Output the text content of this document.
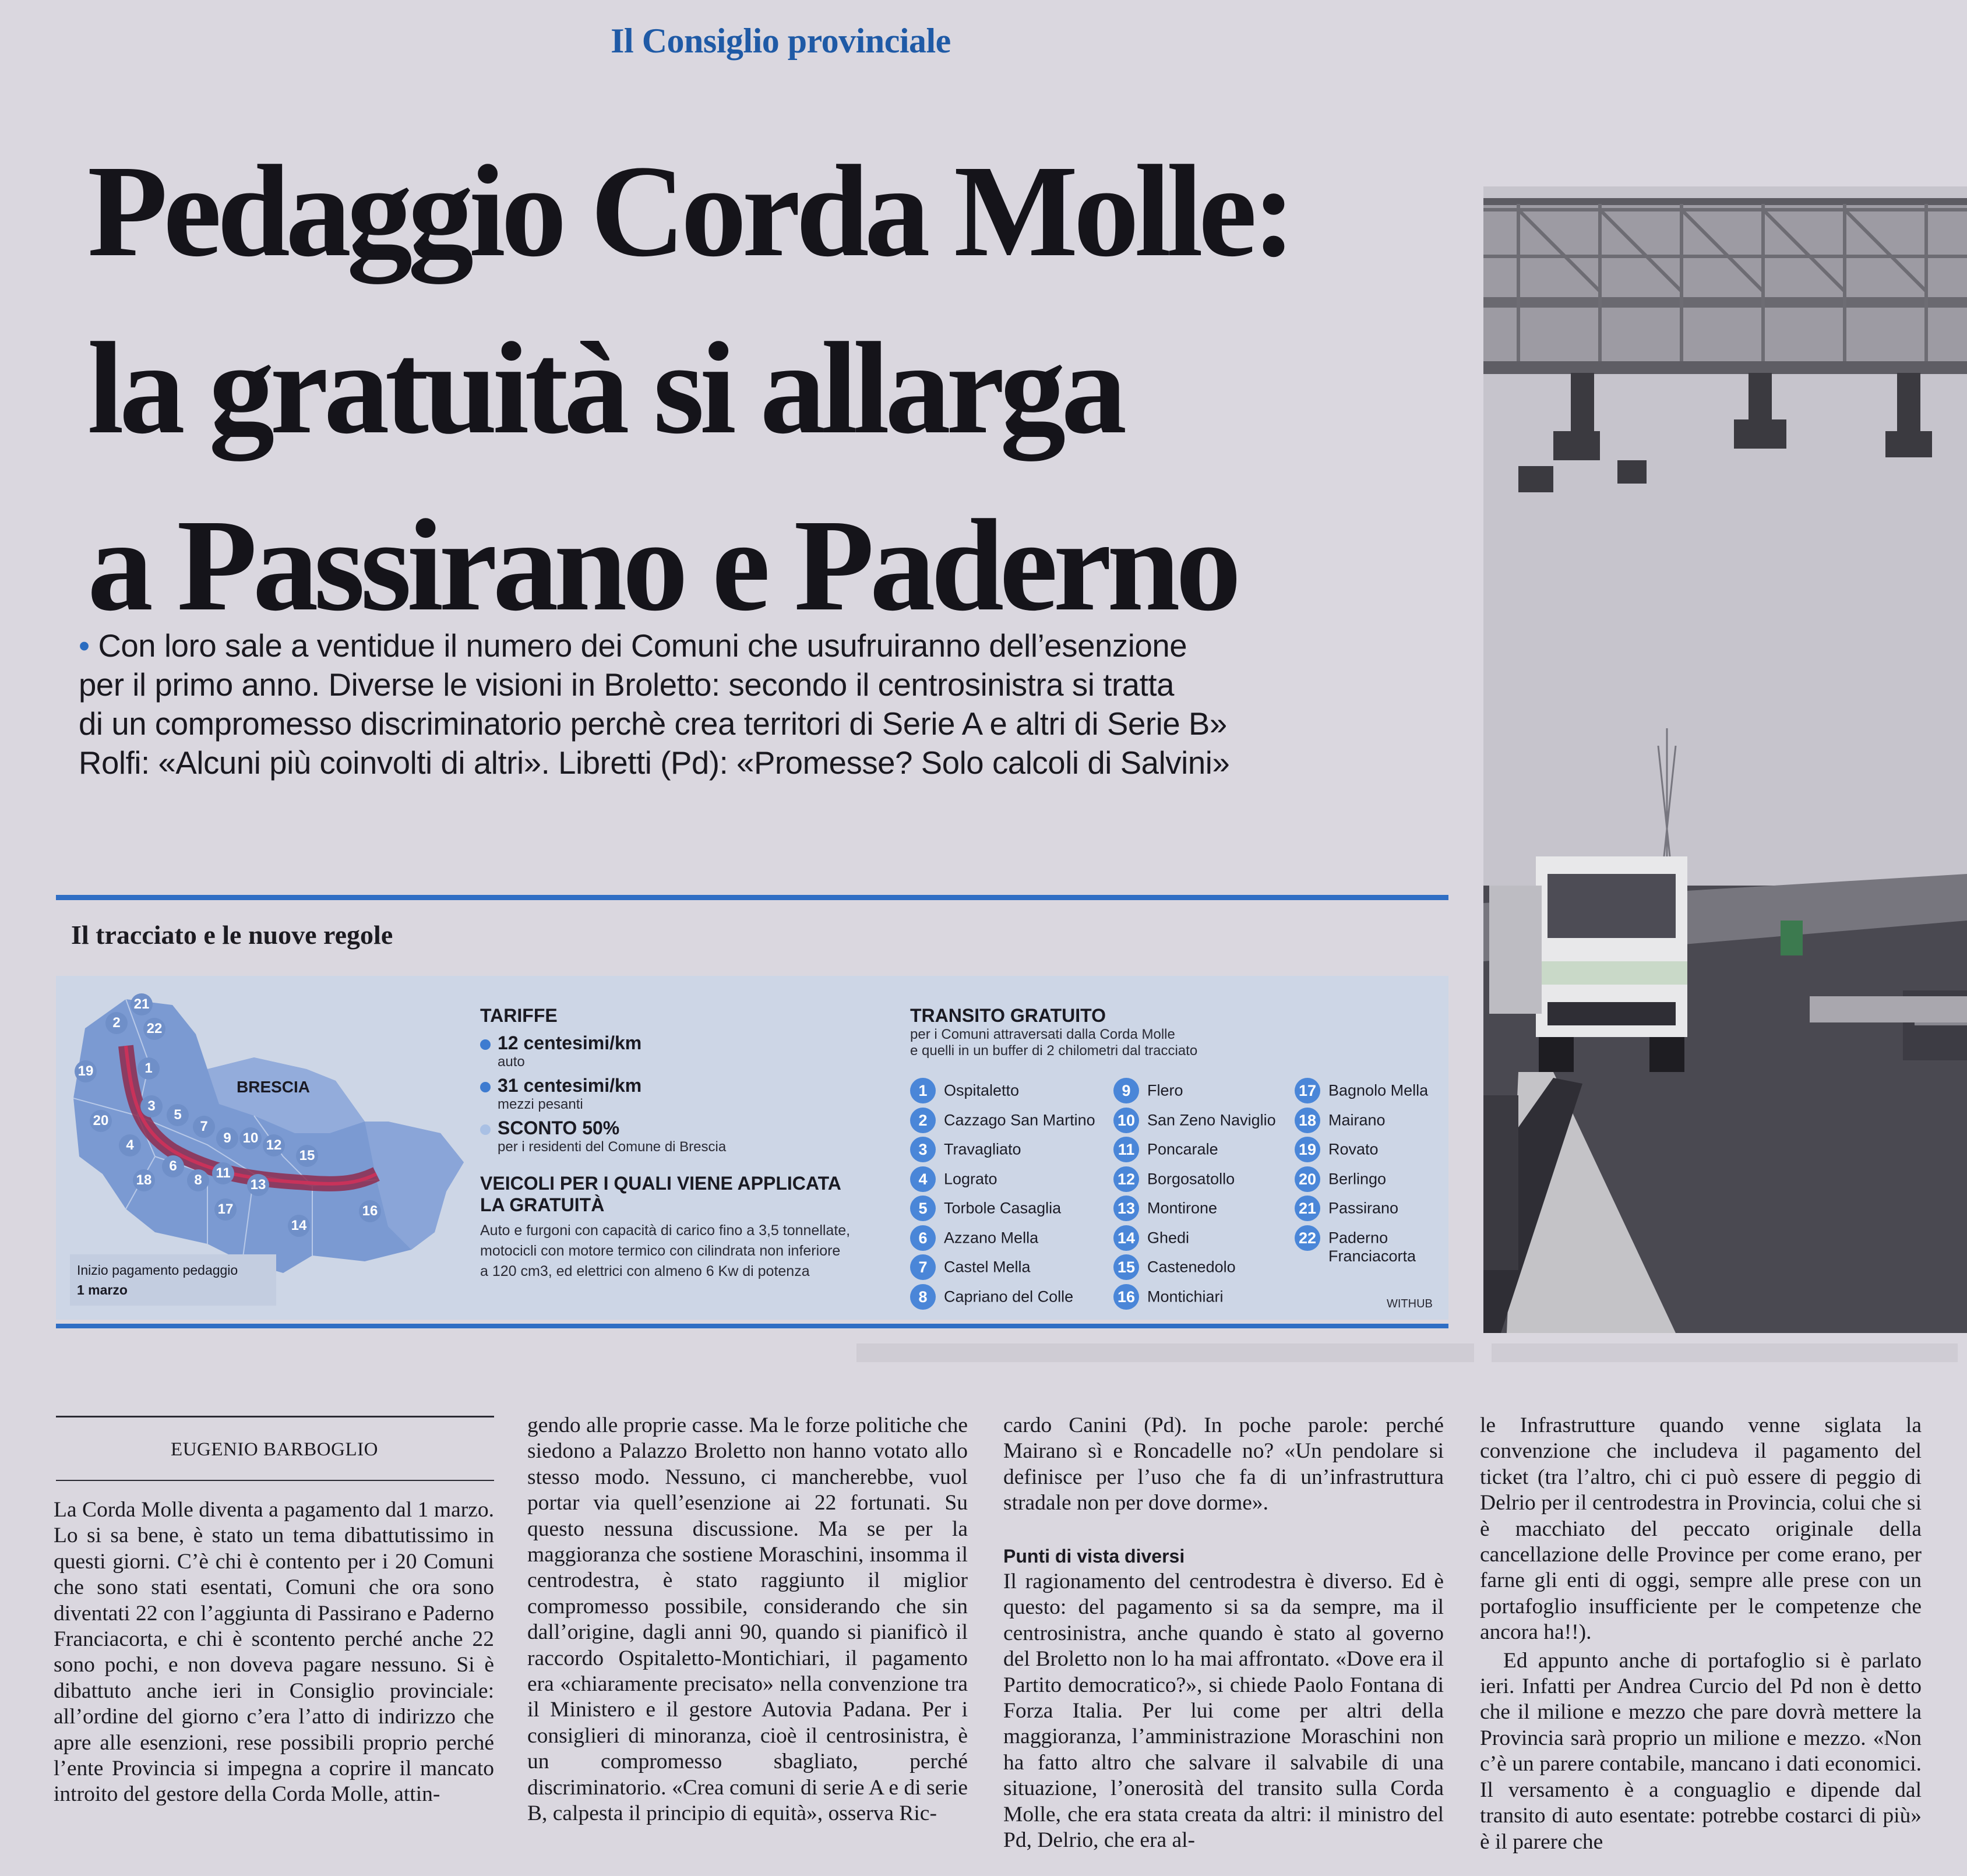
Il Consiglio provinciale
Pedaggio Corda Molle:
la gratuità si allarga
a Passirano e Paderno
• Con loro sale a ventidue il numero dei Comuni che usufruiranno dell’esenzione
per il primo anno. Diverse le visioni in Broletto: secondo il centrosinistra si tratta
di un compromesso discriminatorio perchè crea territori di Serie A e altri di Serie B»
Rolfi: «Alcuni più coinvolti di altri». Libretti (Pd): «Promesse? Solo calcoli di Salvini»
Il tracciato e le nuove regole
BRESCIA
21
2	22
1
19
3
5
7
9 10 12
15
20
4
6
18	8 11
13
17
14
16
Inizio pagamento pedaggio
1 marzo
TARIFFE
12 centesimi/km
auto
31 centesimi/km
mezzi pesanti
SCONTO 50%
per i residenti del Comune di Brescia
VEICOLI PER I QUALI VIENE APPLICATA
LA GRATUITÀ
Auto e furgoni con capacità di carico fino a 3,5 tonnellate,
motocicli con motore termico con cilindrata non inferiore
a 120 cm3, ed elettrici con almeno 6 Kw di potenza
TRANSITO GRATUITO
per i Comuni attraversati dalla Corda Molle
e quelli in un buffer di 2 chilometri dal tracciato
1 Ospitaletto
2 Cazzago San Martino
3 Travagliato
4 Lograto
5 Torbole Casaglia
6 Azzano Mella
7 Castel Mella
8 Capriano del Colle
9 Flero
10 San Zeno Naviglio
11 Poncarale
12 Borgosatollo
13 Montirone
14 Ghedi
15 Castenedolo
16 Montichiari
17 Bagnolo Mella
18 Mairano
19 Rovato
20 Berlingo
21 Passirano
22 Paderno
Franciacorta
WITHUB
EUGENIO BARBOGLIO

La Corda Molle diventa a pagamento dal 1 marzo. Lo si sa bene, è stato un tema dibattutissimo in questi giorni. C’è chi è contento per i 20 Comuni che sono stati esentati, Comuni che ora sono diventati 22 con l’aggiunta di Passirano e Paderno Franciacorta, e chi è scontento perché anche 22 sono pochi, e non doveva pagare nessuno. Si è dibattuto anche ieri in Consiglio provinciale: all’ordine del giorno c’era l’atto di indirizzo che apre alle esenzioni, rese possibili proprio perché l’ente Provincia si impegna a coprire il mancato introito del gestore della Corda Molle, attin-

gendo alle proprie casse. Ma le forze politiche che siedono a Palazzo Broletto non hanno votato allo stesso modo. Nessuno, ci mancherebbe, vuol portar via quell’esenzione ai 22 fortunati. Su questo nessuna discussione. Ma se per la maggioranza che sostiene Moraschini, insomma il centrodestra, è stato raggiunto il miglior compromesso possibile, considerando che sin dall’origine, dagli anni 90, quando si pianificò il raccordo Ospitaletto-Montichiari, il pagamento era «chiaramente precisato» nella convenzione tra il Ministero e il gestore Autovia Padana. Per i consiglieri di minoranza, cioè il centrosinistra, è un compromesso sbagliato, perché discriminatorio. «Crea comuni di serie A e di serie B, calpesta il principio di equità», osserva Ric-

cardo Canini (Pd). In poche parole: perché Mairano sì e Roncadelle no? «Un pendolare si definisce per l’uso che fa di un’infrastruttura stradale non per dove dorme».

Punti di vista diversi

Il ragionamento del centrodestra è diverso. Ed è questo: del pagamento si sa da sempre, ma il centrosinistra, anche quando è stato al governo del Broletto non lo ha mai affrontato. «Dove era il Partito democratico?», si chiede Paolo Fontana di Forza Italia. Per lui come per altri della maggioranza, l’amministrazione Moraschini non ha fatto altro che salvare il salvabile di una situazione, l’onerosità del transito sulla Corda Molle, che era stata creata da altri: il ministro del Pd, Delrio, che era al-

le Infrastrutture quando venne siglata la convenzione che includeva il pagamento del ticket (tra l’altro, chi ci può essere di peggio di Delrio per il centrodestra in Provincia, colui che si è macchiato del peccato originale della cancellazione delle Province per come erano, per farne gli enti di oggi, sempre alle prese con un portafoglio insufficiente per le competenze che ancora ha!!).

Ed appunto anche di portafoglio si è parlato ieri. Infatti per Andrea Curcio del Pd non è detto che il milione e mezzo che pare dovrà mettere la Provincia sarà proprio un milione e mezzo. «Non c’è un parere contabile, mancano i dati economici. Il versamento è a conguaglio e dipende dal transito di auto esentate: potrebbe costarci di più» è il parere che
